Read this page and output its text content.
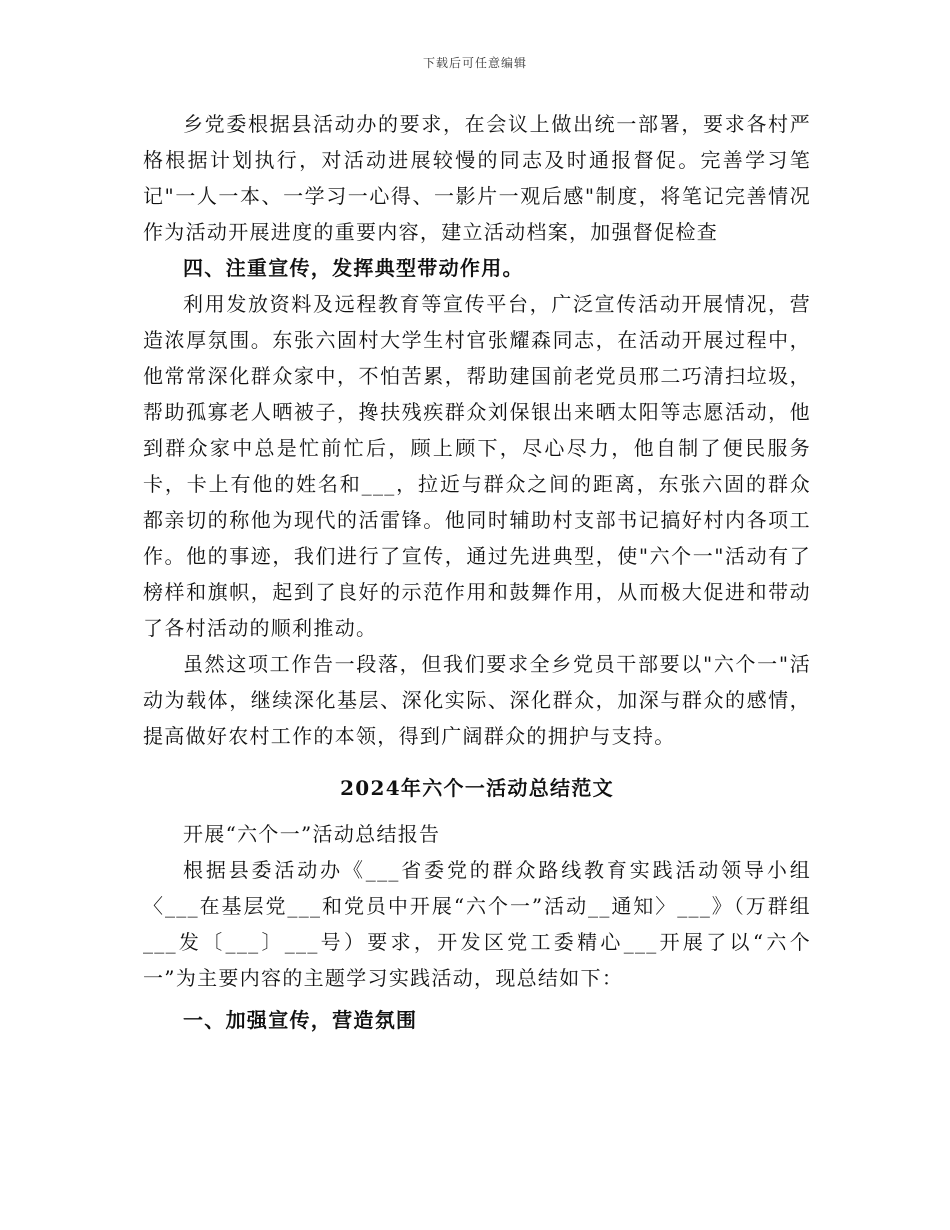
下载后可任意编辑

乡党委根据县活动办的要求，在会议上做出统一部署，要求各村严格根据计划执行，对活动进展较慢的同志及时通报督促。完善学习笔记"一人一本、一学习一心得、一影片一观后感"制度，将笔记完善情况作为活动开展进度的重要内容，建立活动档案，加强督促检查

四、注重宣传，发挥典型带动作用。

利用发放资料及远程教育等宣传平台，广泛宣传活动开展情况，营造浓厚氛围。东张六固村大学生村官张耀森同志，在活动开展过程中，他常常深化群众家中，不怕苦累，帮助建国前老党员邢二巧清扫垃圾，帮助孤寡老人晒被子，搀扶残疾群众刘保银出来晒太阳等志愿活动，他到群众家中总是忙前忙后，顾上顾下，尽心尽力，他自制了便民服务卡，卡上有他的姓名和___，拉近与群众之间的距离，东张六固的群众都亲切的称他为现代的活雷锋。他同时辅助村支部书记搞好村内各项工作。他的事迹，我们进行了宣传，通过先进典型，使"六个一"活动有了榜样和旗帜，起到了良好的示范作用和鼓舞作用，从而极大促进和带动了各村活动的顺利推动。

虽然这项工作告一段落，但我们要求全乡党员干部要以"六个一"活动为载体，继续深化基层、深化实际、深化群众，加深与群众的感情，提高做好农村工作的本领，得到广阔群众的拥护与支持。

2024年六个一活动总结范文

开展“六个一”活动总结报告

根据县委活动办《___省委党的群众路线教育实践活动领导小组〈___在基层党___和党员中开展“六个一”活动__通知〉___》（万群组___发〔___〕___号）要求，开发区党工委精心___开展了以“六个一”为主要内容的主题学习实践活动，现总结如下：

一、加强宣传，营造氛围
